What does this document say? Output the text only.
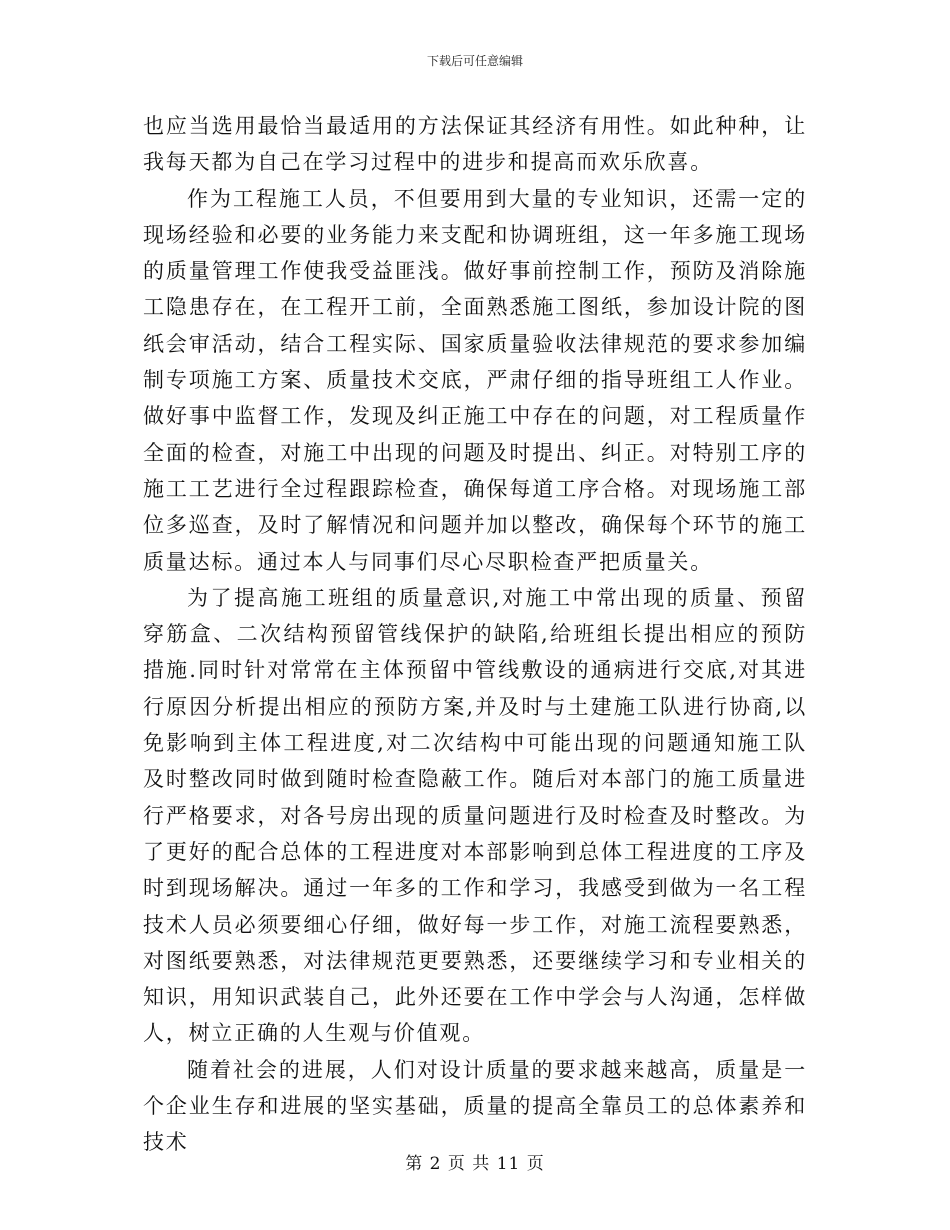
下载后可任意编辑

也应当选用最恰当最适用的方法保证其经济有用性。如此种种，让我每天都为自己在学习过程中的进步和提高而欢乐欣喜。

作为工程施工人员，不但要用到大量的专业知识，还需一定的现场经验和必要的业务能力来支配和协调班组，这一年多施工现场的质量管理工作使我受益匪浅。做好事前控制工作，预防及消除施工隐患存在，在工程开工前，全面熟悉施工图纸，参加设计院的图纸会审活动，结合工程实际、国家质量验收法律规范的要求参加编制专项施工方案、质量技术交底，严肃仔细的指导班组工人作业。做好事中监督工作，发现及纠正施工中存在的问题，对工程质量作全面的检查，对施工中出现的问题及时提出、纠正。对特别工序的施工工艺进行全过程跟踪检查，确保每道工序合格。对现场施工部位多巡查，及时了解情况和问题并加以整改，确保每个环节的施工质量达标。通过本人与同事们尽心尽职检查严把质量关。

为了提高施工班组的质量意识,对施工中常出现的质量、预留穿筋盒、二次结构预留管线保护的缺陷,给班组长提出相应的预防措施.同时针对常常在主体预留中管线敷设的通病进行交底,对其进行原因分析提出相应的预防方案,并及时与土建施工队进行协商,以免影响到主体工程进度,对二次结构中可能出现的问题通知施工队及时整改同时做到随时检查隐蔽工作。随后对本部门的施工质量进行严格要求，对各号房出现的质量问题进行及时检查及时整改。为了更好的配合总体的工程进度对本部影响到总体工程进度的工序及时到现场解决。通过一年多的工作和学习，我感受到做为一名工程技术人员必须要细心仔细，做好每一步工作，对施工流程要熟悉，对图纸要熟悉，对法律规范更要熟悉，还要继续学习和专业相关的知识，用知识武装自己，此外还要在工作中学会与人沟通，怎样做人，树立正确的人生观与价值观。

随着社会的进展，人们对设计质量的要求越来越高，质量是一个企业生存和进展的坚实基础，质量的提高全靠员工的总体素养和技术

第 2 页 共 11 页
